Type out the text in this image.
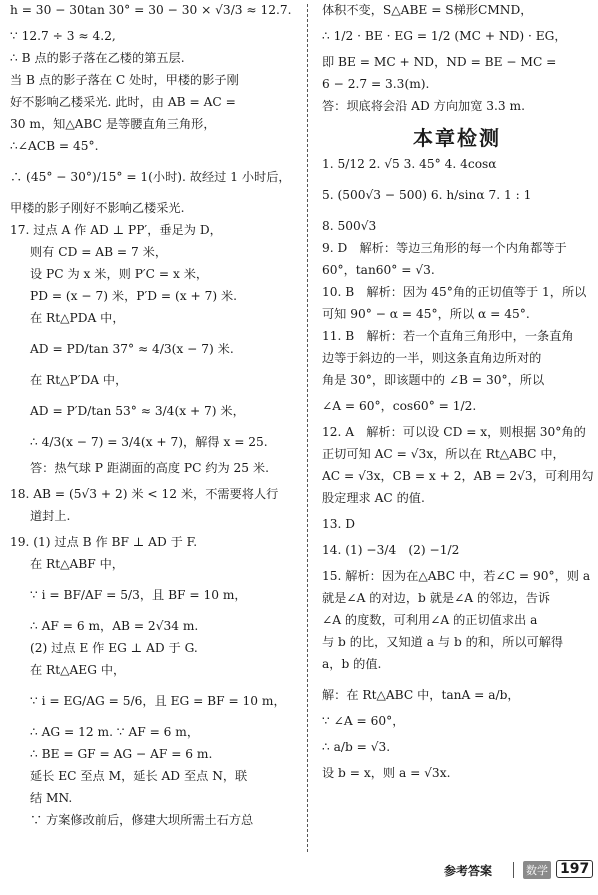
h = 30 − 30tan 30° = 30 − 30 × √3/3 ≈ 12.7.

∵ 12.7 ÷ 3 ≈ 4.2,

∴ B 点的影子落在乙楼的第五层.

当 B 点的影子落在 C 处时，甲楼的影子刚

好不影响乙楼采光. 此时，由 AB = AC =

30 m，知△ABC 是等腰直角三角形，

∴∠ACB = 45°.

∴ (45° − 30°)/15° = 1(小时). 故经过 1 小时后，

甲楼的影子刚好不影响乙楼采光.

17. 过点 A 作 AD ⊥ PP′，垂足为 D，

则有 CD = AB = 7 米，

设 PC 为 x 米，则 P′C = x 米，

PD = (x − 7) 米，P′D = (x + 7) 米.

在 Rt△PDA 中，

AD = PD/tan 37° ≈ 4/3(x − 7) 米.

在 Rt△P′DA 中，

AD = P′D/tan 53° ≈ 3/4(x + 7) 米，

∴ 4/3(x − 7) = 3/4(x + 7)，解得 x = 25.

答：热气球 P 距湖面的高度 PC 约为 25 米.

18. AB = (5√3 + 2) 米 < 12 米，不需要将人行

道封上.

19. (1) 过点 B 作 BF ⊥ AD 于 F.

在 Rt△ABF 中，

∵ i = BF/AF = 5/3，且 BF = 10 m，

∴ AF = 6 m，AB = 2√34 m.

(2) 过点 E 作 EG ⊥ AD 于 G.

在 Rt△AEG 中，

∵ i = EG/AG = 5/6，且 EG = BF = 10 m，

∴ AG = 12 m. ∵ AF = 6 m，

∴ BE = GF = AG − AF = 6 m.

延长 EC 至点 M，延长 AD 至点 N，联

结 MN.

∵ 方案修改前后，修建大坝所需土石方总

体积不变，S△ABE = S梯形CMND，

∴ 1/2 · BE · EG = 1/2 (MC + ND) · EG，

即 BE = MC + ND，ND = BE − MC =

6 − 2.7 = 3.3(m).

答：坝底将会沿 AD 方向加宽 3.3 m.

本章检测

1. 5/12 2. √5 3. 45° 4. 4cosα

5. (500√3 − 500) 6. h/sinα 7. 1 : 1

8. 500√3

9. D　解析：等边三角形的每一个内角都等于

60°，tan60° = √3.

10. B　解析：因为 45°角的正切值等于 1，所以

可知 90° − α = 45°，所以 α = 45°.

11. B　解析：若一个直角三角形中，一条直角

边等于斜边的一半，则这条直角边所对的

角是 30°，即该题中的 ∠B = 30°，所以

∠A = 60°，cos60° = 1/2.

12. A　解析：可以设 CD = x，则根据 30°角的

正切可知 AC = √3x，所以在 Rt△ABC 中，

AC = √3x，CB = x + 2，AB = 2√3，可利用勾

股定理求 AC 的值.

13. D

14. (1) −3/4　(2) −1/2

15. 解析：因为在△ABC 中，若∠C = 90°，则 a

就是∠A 的对边，b 就是∠A 的邻边，告诉

∠A 的度数，可利用∠A 的正切值求出 a

与 b 的比，又知道 a 与 b 的和，所以可解得

a，b 的值.

解：在 Rt△ABC 中，tanA = a/b，

∵ ∠A = 60°，

∴ a/b = √3.

设 b = x，则 a = √3x.

参考答案	数学 197
